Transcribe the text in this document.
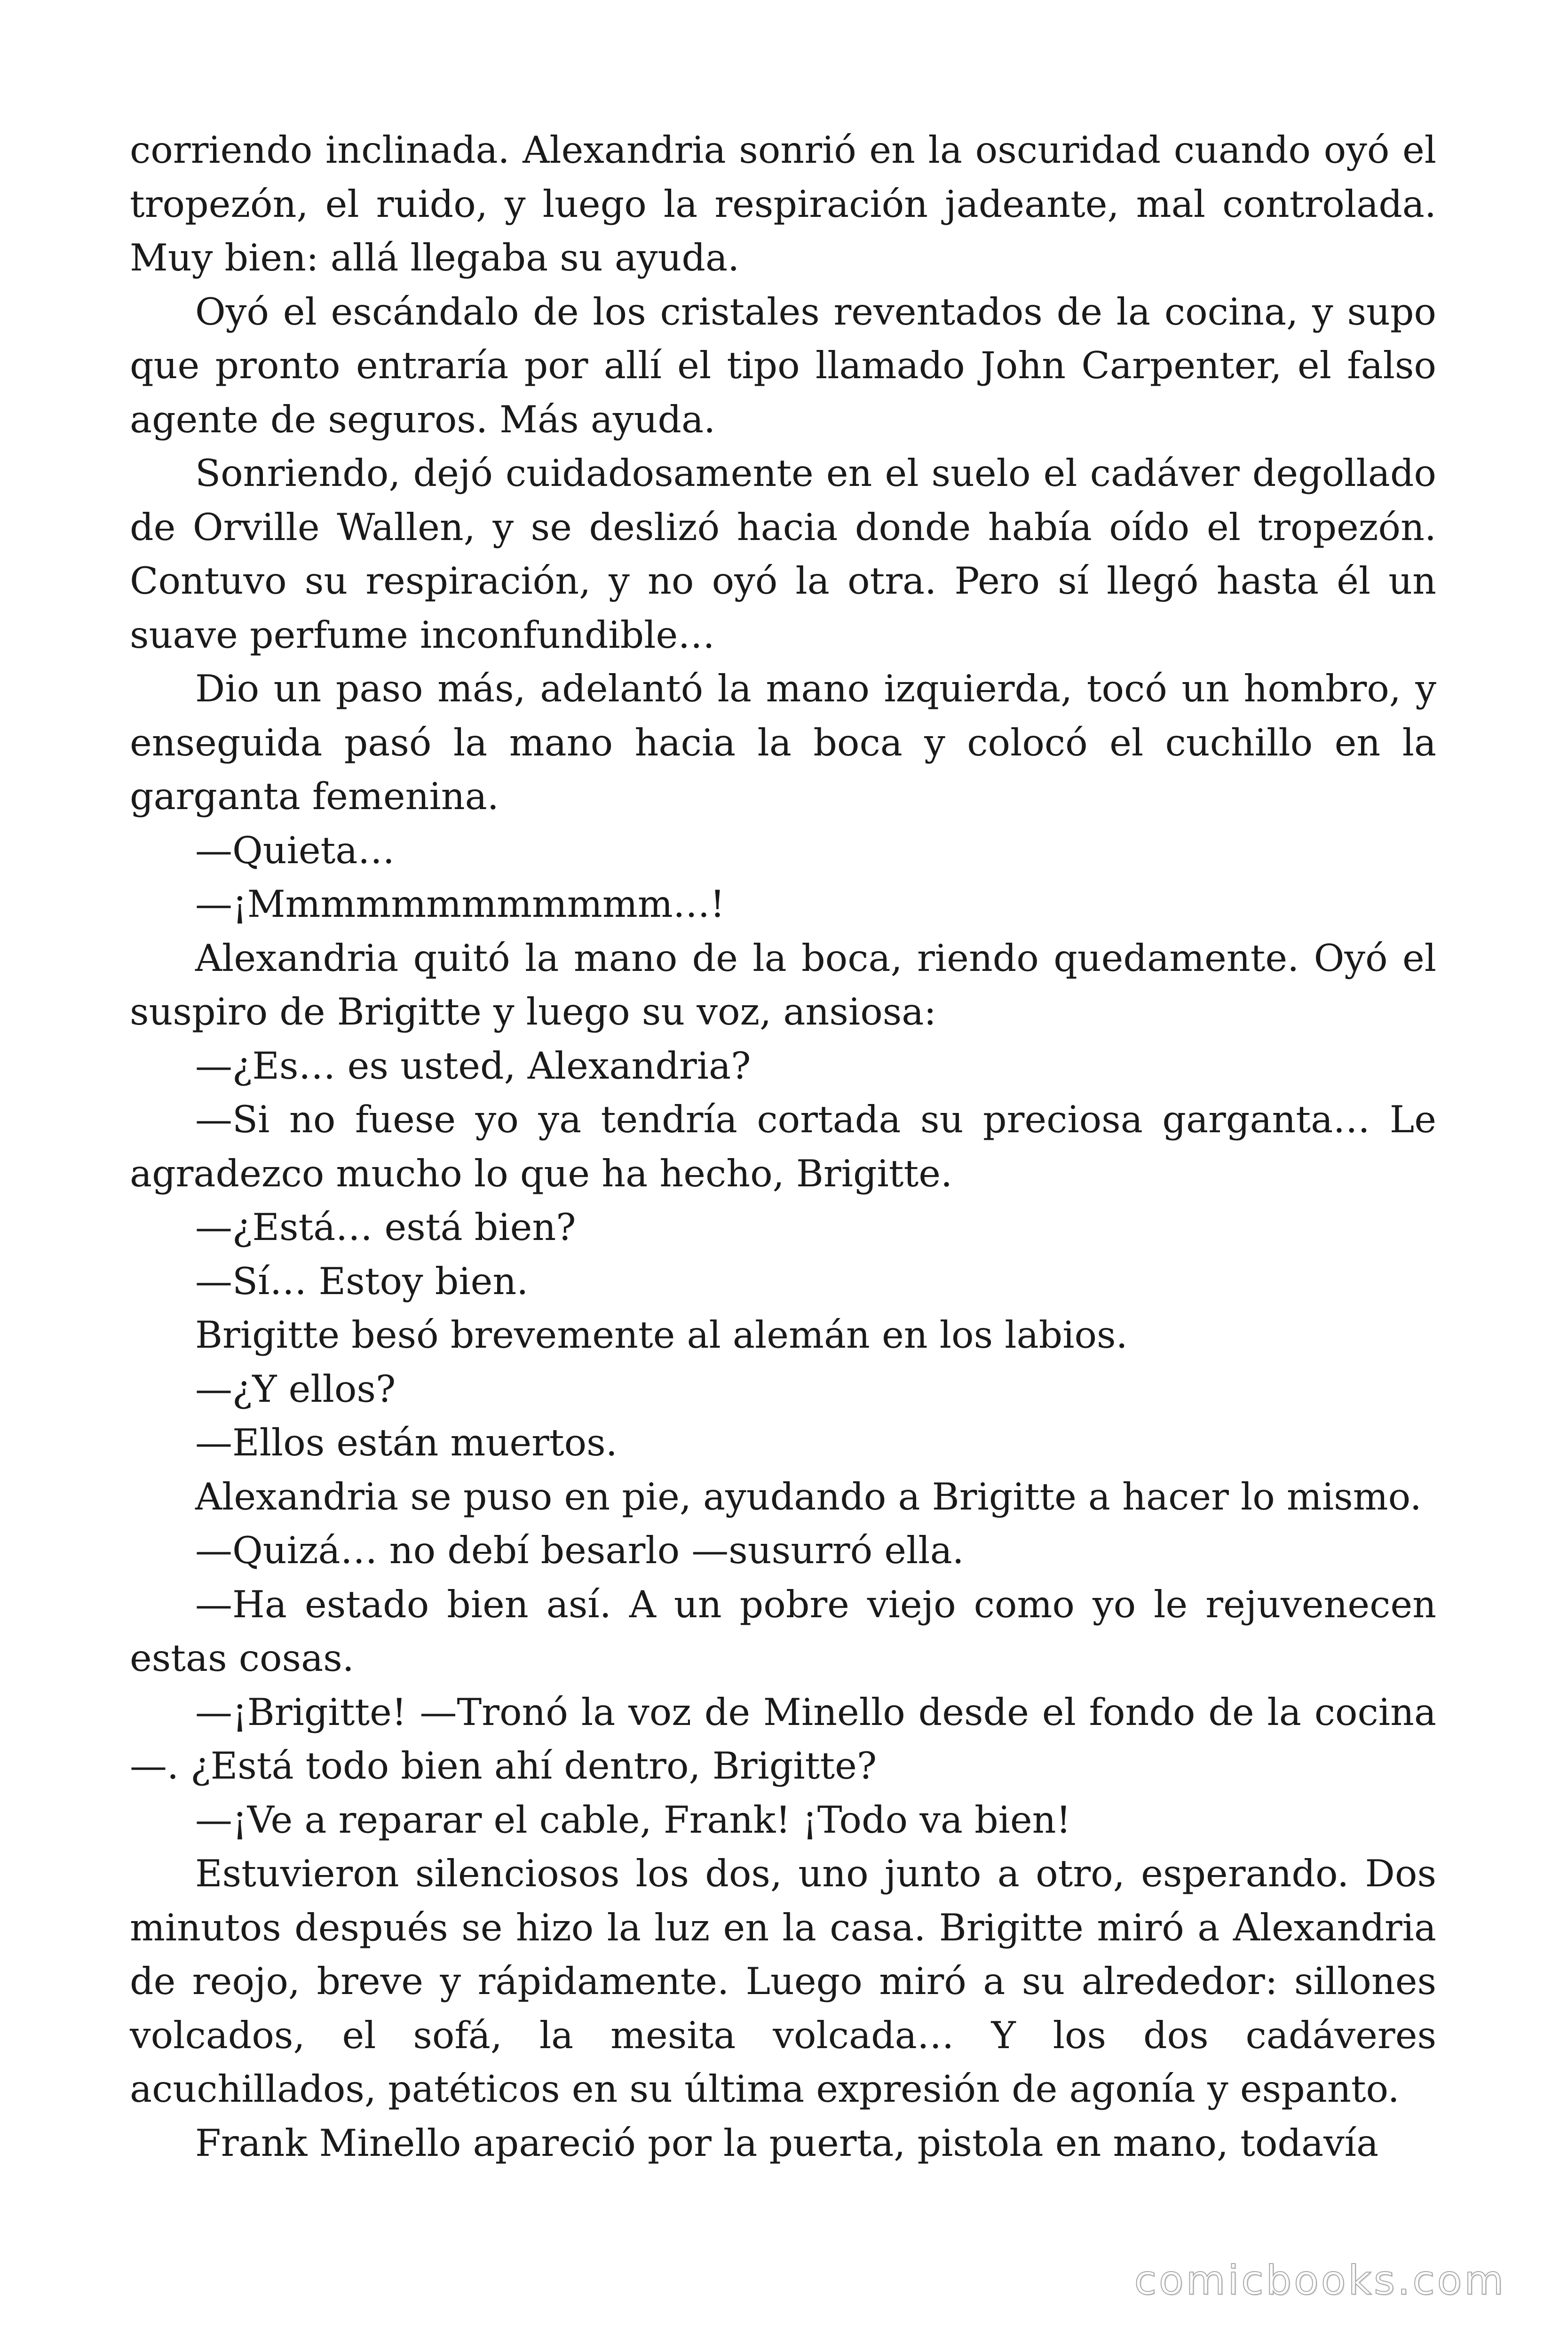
corriendo inclinada. Alexandria sonrió en la oscuridad cuando oyó el tropezón, el ruido, y luego la respiración jadeante, mal controlada. Muy bien: allá llegaba su ayuda.

Oyó el escándalo de los cristales reventados de la cocina, y supo que pronto entraría por allí el tipo llamado John Carpenter, el falso agente de seguros. Más ayuda.

Sonriendo, dejó cuidadosamente en el suelo el cadáver degollado de Orville Wallen, y se deslizó hacia donde había oído el tropezón. Contuvo su respiración, y no oyó la otra. Pero sí llegó hasta él un suave perfume inconfundible…

Dio un paso más, adelantó la mano izquierda, tocó un hombro, y enseguida pasó la mano hacia la boca y colocó el cuchillo en la garganta femenina.

—Quieta…

—¡Mmmmmmmmmmmm…!

Alexandria quitó la mano de la boca, riendo quedamente. Oyó el suspiro de Brigitte y luego su voz, ansiosa:

—¿Es… es usted, Alexandria?

—Si no fuese yo ya tendría cortada su preciosa garganta… Le agradezco mucho lo que ha hecho, Brigitte.

—¿Está… está bien?

—Sí… Estoy bien.

Brigitte besó brevemente al alemán en los labios.

—¿Y ellos?

—Ellos están muertos.

Alexandria se puso en pie, ayudando a Brigitte a hacer lo mismo.

—Quizá… no debí besarlo —susurró ella.

—Ha estado bien así. A un pobre viejo como yo le rejuvenecen estas cosas.

—¡Brigitte! —Tronó la voz de Minello desde el fondo de la cocina—. ¿Está todo bien ahí dentro, Brigitte?

—¡Ve a reparar el cable, Frank! ¡Todo va bien!

Estuvieron silenciosos los dos, uno junto a otro, esperando. Dos minutos después se hizo la luz en la casa. Brigitte miró a Alexandria de reojo, breve y rápidamente. Luego miró a su alrededor: sillones volcados, el sofá, la mesita volcada… Y los dos cadáveres acuchillados, patéticos en su última expresión de agonía y espanto.

Frank Minello apareció por la puerta, pistola en mano, todavía

comicbooks.com
